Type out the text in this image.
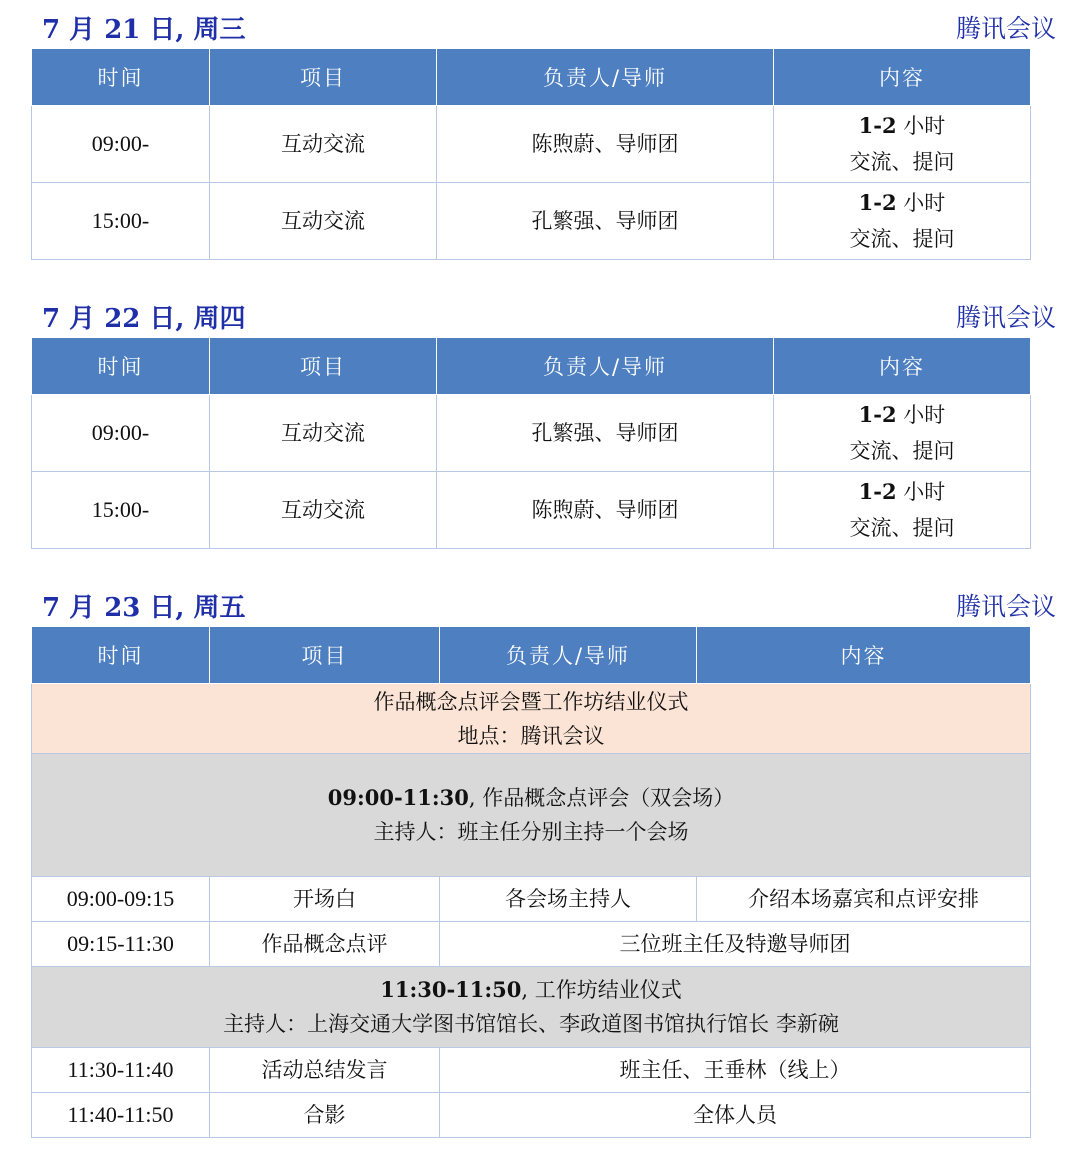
7 月 21 日, 周三	腾讯会议
时间	项目	负责人/导师	内容
09:00-	互动交流	陈煦蔚、导师团	1-2 小时
交流、提问

15:00-	互动交流	孔繁强、导师团	1-2 小时
交流、提问
7 月 22 日, 周四	腾讯会议
时间	项目	负责人/导师	内容
09:00-	互动交流	孔繁强、导师团	1-2 小时
交流、提问

15:00-	互动交流	陈煦蔚、导师团	1-2 小时
交流、提问
7 月 23 日, 周五	腾讯会议
时间	项目	负责人/导师	内容

作品概念点评会暨工作坊结业仪式
地点：腾讯会议			

09:00-11:30, 作品概念点评会（双会场）
主持人：班主任分别主持一个会场			

09:00-09:15	开场白	各会场主持人	介绍本场嘉宾和点评安排
09:15-11:30	作品概念点评	三位班主任及特邀导师团	

11:30-11:50, 工作坊结业仪式
主持人：上海交通大学图书馆馆长、李政道图书馆执行馆长 李新碗			

11:30-11:40	活动总结发言	班主任、王垂林（线上）	
11:40-11:50	合影	全体人员	
